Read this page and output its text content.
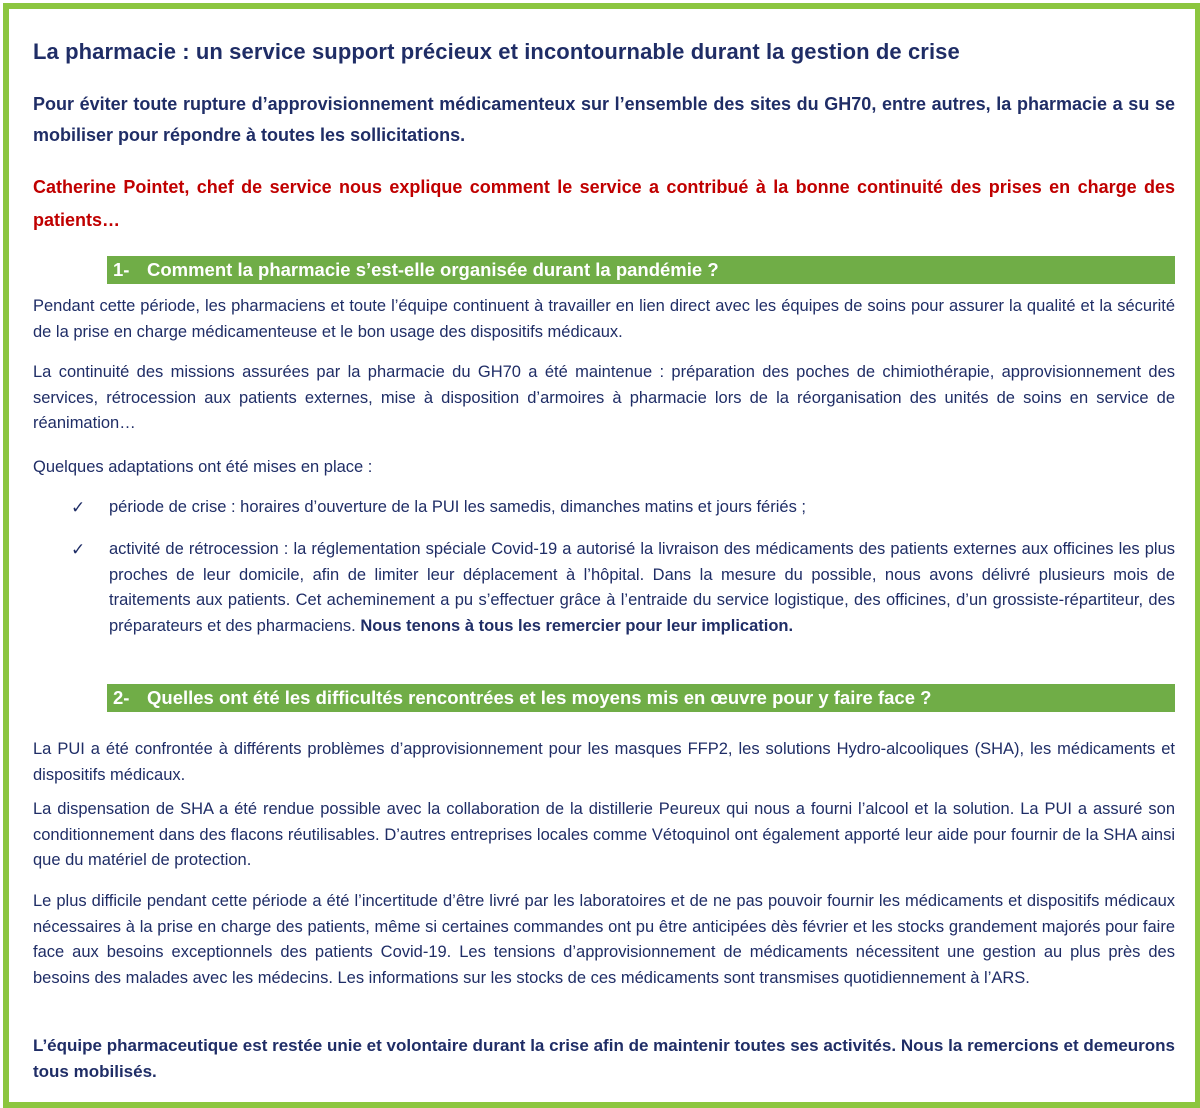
La pharmacie : un service support précieux et incontournable durant la gestion de crise
Pour éviter toute rupture d’approvisionnement médicamenteux sur l’ensemble des sites du GH70, entre autres, la pharmacie a su se mobiliser pour répondre à toutes les sollicitations.
Catherine Pointet, chef de service nous explique comment le service a contribué à la bonne continuité des prises en charge des patients…
1- Comment la pharmacie s’est-elle organisée durant la pandémie ?
Pendant cette période, les pharmaciens et toute l’équipe continuent à travailler en lien direct avec les équipes de soins pour assurer la qualité et la sécurité de la prise en charge médicamenteuse et le bon usage des dispositifs médicaux.
La continuité des missions assurées par la pharmacie du GH70 a été maintenue : préparation des poches de chimiothérapie, approvisionnement des services, rétrocession aux patients externes, mise à disposition d’armoires à pharmacie lors de la réorganisation des unités de soins en service de réanimation…
Quelques adaptations ont été mises en place :
✓ période de crise : horaires d’ouverture de la PUI les samedis, dimanches matins et jours fériés ;
✓ activité de rétrocession : la réglementation spéciale Covid-19 a autorisé la livraison des médicaments des patients externes aux officines les plus proches de leur domicile, afin de limiter leur déplacement à l’hôpital. Dans la mesure du possible, nous avons délivré plusieurs mois de traitements aux patients. Cet acheminement a pu s’effectuer grâce à l’entraide du service logistique, des officines, d’un grossiste-répartiteur, des préparateurs et des pharmaciens. Nous tenons à tous les remercier pour leur implication.
2- Quelles ont été les difficultés rencontrées et les moyens mis en œuvre pour y faire face ?
La PUI a été confrontée à différents problèmes d’approvisionnement pour les masques FFP2, les solutions Hydro-alcooliques (SHA), les médicaments et dispositifs médicaux.
La dispensation de SHA a été rendue possible avec la collaboration de la distillerie Peureux qui nous a fourni l’alcool et la solution. La PUI a assuré son conditionnement dans des flacons réutilisables. D’autres entreprises locales comme Vétoquinol ont également apporté leur aide pour fournir de la SHA ainsi que du matériel de protection.
Le plus difficile pendant cette période a été l’incertitude d’être livré par les laboratoires et de ne pas pouvoir fournir les médicaments et dispositifs médicaux nécessaires à la prise en charge des patients, même si certaines commandes ont pu être anticipées dès février et les stocks grandement majorés pour faire face aux besoins exceptionnels des patients Covid-19. Les tensions d’approvisionnement de médicaments nécessitent une gestion au plus près des besoins des malades avec les médecins. Les informations sur les stocks de ces médicaments sont transmises quotidiennement à l’ARS.
L’équipe pharmaceutique est restée unie et volontaire durant la crise afin de maintenir toutes ses activités. Nous la remercions et demeurons tous mobilisés.
